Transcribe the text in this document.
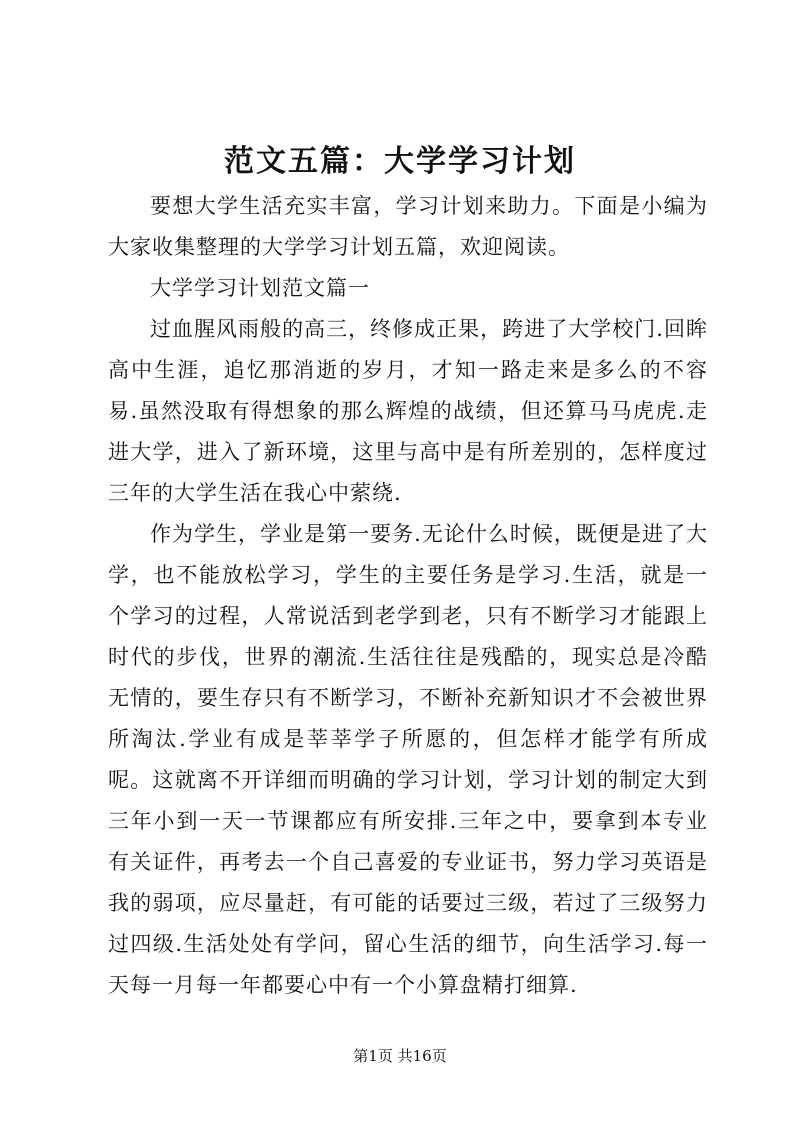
范文五篇：大学学习计划

要想大学生活充实丰富，学习计划来助力。下面是小编为大家收集整理的大学学习计划五篇，欢迎阅读。

大学学习计划范文篇一

过血腥风雨般的高三，终修成正果，跨进了大学校门.回眸高中生涯，追忆那消逝的岁月，才知一路走来是多么的不容易.虽然没取有得想象的那么辉煌的战绩，但还算马马虎虎.走进大学，进入了新环境，这里与高中是有所差别的，怎样度过三年的大学生活在我心中萦绕.

作为学生，学业是第一要务.无论什么时候，既便是进了大学，也不能放松学习，学生的主要任务是学习.生活，就是一个学习的过程，人常说活到老学到老，只有不断学习才能跟上时代的步伐，世界的潮流.生活往往是残酷的，现实总是冷酷无情的，要生存只有不断学习，不断补充新知识才不会被世界所淘汰.学业有成是莘莘学子所愿的，但怎样才能学有所成呢。这就离不开详细而明确的学习计划，学习计划的制定大到三年小到一天一节课都应有所安排.三年之中，要拿到本专业有关证件，再考去一个自己喜爱的专业证书，努力学习英语是我的弱项，应尽量赶，有可能的话要过三级，若过了三级努力过四级.生活处处有学问，留心生活的细节，向生活学习.每一天每一月每一年都要心中有一个小算盘精打细算.

第1页 共16页
